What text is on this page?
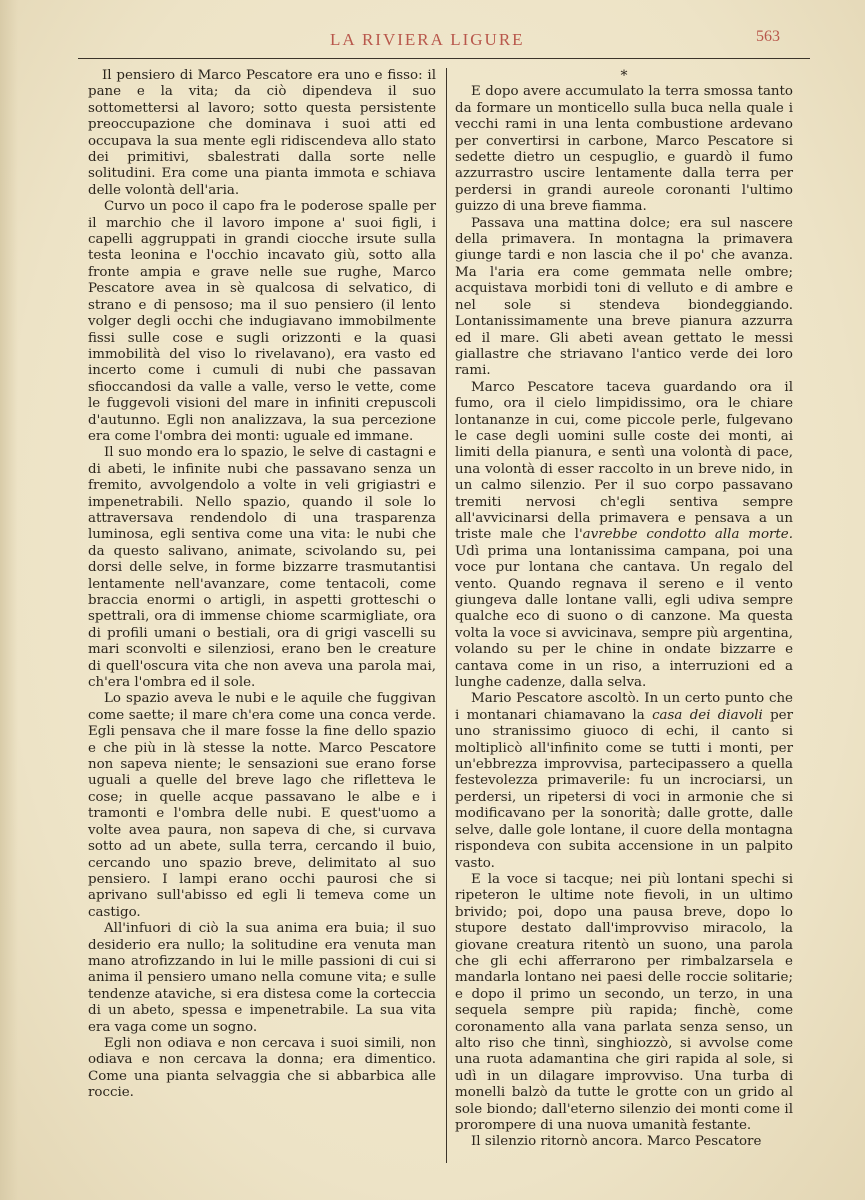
LA RIVIERA LIGURE	563

Il pensiero di Marco Pescatore era uno e fisso: il pane e la vita; da ciò dipendeva il suo sottomettersi al lavoro; sotto questa persistente preoccupazione che dominava i suoi atti ed occupava la sua mente egli ridiscendeva allo stato dei primitivi, sbalestrati dalla sorte nelle solitudini. Era come una pianta immota e schiava delle volontà dell'aria.

Curvo un poco il capo fra le poderose spalle per il marchio che il lavoro impone a' suoi figli, i capelli aggruppati in grandi ciocche irsute sulla testa leonina e l'occhio incavato giù, sotto alla fronte ampia e grave nelle sue rughe, Marco Pescatore avea in sè qualcosa di selvatico, di strano e di pensoso; ma il suo pensiero (il lento volger degli occhi che indugiavano immobilmente fissi sulle cose e sugli orizzonti e la quasi immobilità del viso lo rivelavano), era vasto ed incerto come i cumuli di nubi che passavan sfioccandosi da valle a valle, verso le vette, come le fuggevoli visioni del mare in infiniti crepuscoli d'autunno. Egli non analizzava, la sua percezione era come l'ombra dei monti: uguale ed immane.

Il suo mondo era lo spazio, le selve di castagni e di abeti, le infinite nubi che passavano senza un fremito, avvolgendolo a volte in veli grigiastri e impenetrabili. Nello spazio, quando il sole lo attraversava rendendolo di una trasparenza luminosa, egli sentiva come una vita: le nubi che da questo salivano, animate, scivolando su, pei dorsi delle selve, in forme bizzarre trasmutantisi lentamente nell'avanzare, come tentacoli, come braccia enormi o artigli, in aspetti grotteschi o spettrali, ora di immense chiome scarmigliate, ora di profili umani o bestiali, ora di grigi vascelli su mari sconvolti e silenziosi, erano ben le creature di quell'oscura vita che non aveva una parola mai, ch'era l'ombra ed il sole.

Lo spazio aveva le nubi e le aquile che fuggivan come saette; il mare ch'era come una conca verde. Egli pensava che il mare fosse la fine dello spazio e che più in là stesse la notte. Marco Pescatore non sapeva niente; le sensazioni sue erano forse uguali a quelle del breve lago che rifletteva le cose; in quelle acque passavano le albe e i tramonti e l'ombra delle nubi. E quest'uomo a volte avea paura, non sapeva di che, si curvava sotto ad un abete, sulla terra, cercando il buio, cercando uno spazio breve, delimitato al suo pensiero. I lampi erano occhi paurosi che si aprivano sull'abisso ed egli li temeva come un castigo.

All'infuori di ciò la sua anima era buia; il suo desiderio era nullo; la solitudine era venuta man mano atrofizzando in lui le mille passioni di cui si anima il pensiero umano nella comune vita; e sulle tendenze ataviche, si era distesa come la corteccia di un abeto, spessa e impenetrabile. La sua vita era vaga come un sogno.

Egli non odiava e non cercava i suoi simili, non odiava e non cercava la donna; era dimentico. Come una pianta selvaggia che si abbarbica alle roccie.

*

E dopo avere accumulato la terra smossa tanto da formare un monticello sulla buca nella quale i vecchi rami in una lenta combustione ardevano per convertirsi in carbone, Marco Pescatore si sedette dietro un cespuglio, e guardò il fumo azzurrastro uscire lentamente dalla terra per perdersi in grandi aureole coronanti l'ultimo guizzo di una breve fiamma.

Passava una mattina dolce; era sul nascere della primavera. In montagna la primavera giunge tardi e non lascia che il po' che avanza. Ma l'aria era come gemmata nelle ombre; acquistava morbidi toni di velluto e di ambre e nel sole si stendeva biondeggiando. Lontanissimamente una breve pianura azzurra ed il mare. Gli abeti avean gettato le messi giallastre che striavano l'antico verde dei loro rami.

Marco Pescatore taceva guardando ora il fumo, ora il cielo limpidissimo, ora le chiare lontananze in cui, come piccole perle, fulgevano le case degli uomini sulle coste dei monti, ai limiti della pianura, e sentì una volontà di pace, una volontà di esser raccolto in un breve nido, in un calmo silenzio. Per il suo corpo passavano tremiti nervosi ch'egli sentiva sempre all'avvicinarsi della primavera e pensava a un triste male che l'avrebbe condotto alla morte. Udì prima una lontanissima campana, poi una voce pur lontana che cantava. Un regalo del vento. Quando regnava il sereno e il vento giungeva dalle lontane valli, egli udiva sempre qualche eco di suono o di canzone. Ma questa volta la voce si avvicinava, sempre più argentina, volando su per le chine in ondate bizzarre e cantava come in un riso, a interruzioni ed a lunghe cadenze, dalla selva.

Mario Pescatore ascoltò. In un certo punto che i montanari chiamavano la casa dei diavoli per uno stranissimo giuoco di echi, il canto si moltiplicò all'infinito come se tutti i monti, per un'ebbrezza improvvisa, partecipassero a quella festevolezza primaverile: fu un incrociarsi, un perdersi, un ripetersi di voci in armonie che si modificavano per la sonorità; dalle grotte, dalle selve, dalle gole lontane, il cuore della montagna rispondeva con subita accensione in un palpito vasto.

E la voce si tacque; nei più lontani spechi si ripeteron le ultime note fievoli, in un ultimo brivido; poi, dopo una pausa breve, dopo lo stupore destato dall'improvviso miracolo, la giovane creatura ritentò un suono, una parola che gli echi afferrarono per rimbalzarsela e mandarla lontano nei paesi delle roccie solitarie; e dopo il primo un secondo, un terzo, in una sequela sempre più rapida; finchè, come coronamento alla vana parlata senza senso, un alto riso che tinnì, singhiozzò, si avvolse come una ruota adamantina che giri rapida al sole, si udì in un dilagare improvviso. Una turba di monelli balzò da tutte le grotte con un grido al sole biondo; dall'eterno silenzio dei monti come il prorompere di una nuova umanità festante.

Il silenzio ritornò ancora. Marco Pescatore
